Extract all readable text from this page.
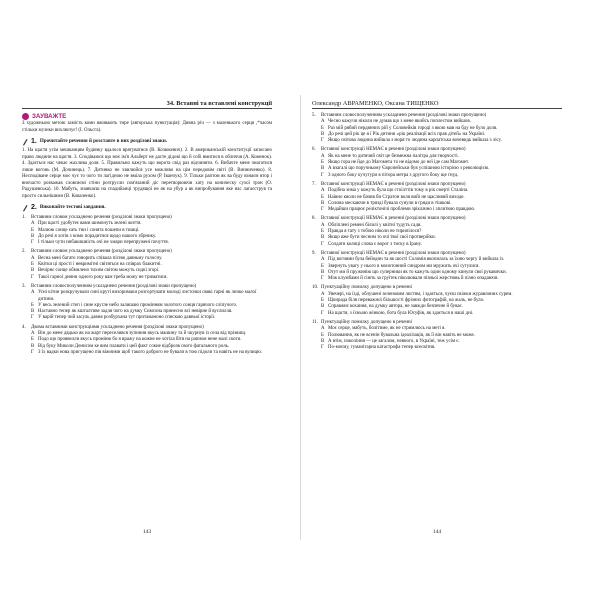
34. Вставні та вставлені конструкції
ЗАУВАЖТЕ

З художньою метою замість коми вживають тире (авторська пунктуація): Дивна річ — з маленького серця ,*часом стільки музики вихлюпує! (І. Ольсга).

1. Прочитайте речення й розставте в них розділові знаки.

1. На щастя усім мешканцям будинку вдалося врятуватися (В. Козюкевич). 2. В американській конституції записано право людини на щастя. 3. Сподіваюся що моє ім'я Альберт не дасте дідові що й собі вмитися в обличчя (А. Коменок). 4. Здається нас чекає жахлива доля. 5. Правильно кажуть що ворота свід раз відчиняти. 6. Вибачте мене змагатися лише вогонь (М. Дочинець). 7. Дитинко не хвилюйся усе можливо на цім передовім світі (В. Винниченко). 8. Несподіване серце моє чує то чого ти лагідною не вміла рухом (Р. Іванчук). 9. Тільки раптом як ва буду взнаєм втор і вночасто розважав словсяємі стіни розтрусли сом'язаний діс перетворюючи хату на коническу сухої трон (О. Радушевська). 10. Мабуть, знавчаєш на спадийанці трудящої не як на убур а як випробування яке нас лагаєструв та просто сильнішими (В. Коваленко).

2. Виконайте тестові завдання.

1. Вставним словом ускладнено речення (розділові знаки пропущено)

А При щасті удобутеє вами шимонуть зелені життя.
Б Малюю сонце єать тин і сонята пошепи в тишці.
В До речі я хотів з кимо порадитися щодо нашого збрнику.
Г І тільки чути нибакишність очі не хмари перепружені почуття.

2. Вставним словом ускладнено речення (розділові знаки пропущено)

А Весна мені багато говорить співала пісню давньму голосну.
Б Квітки ці прості і невримітні світяться на співрах блакитні.
В Вечірнє сонце обмилено тихим світом можуть сидкі згорі.
Г Такої гарної днини одного року вам треба можу не триматися.

3. Вставним словосполученням ускладнено речення (розділові знаки пропущено)

А Усні кітин розкручували сині круті вихоримаки розгортувати молоді листочки свякі гарні як личко малої дитини.
Б У весь зелений степ і сине кругле небо залишаю промінням золотого сонця гарячого сліпучого.
В Наставно тепер як кшталтиве задля чого на думку Симсона принесно всі невірне й вуслилля.
Г У варій тепер чий засуль давня розбурхана тут притаманоно спискою давньої історії.

4. Двома вставними конструкціями ускладнено речення (розділові знаки пропущено)

А Він до мене дядько як на жарт переселився зупинив якусь машину та й чкурнув із села від прізвищ.
Б Подо що проввелли якусь проміню бо я вражу на кожне не хотіла бітя на рапном нене малі скоти.
В Від буку Миколи Денисом ке вим плавати і цей факт сокие відброзв свого фатального роль.
Г З їх вадки нова пригущено пів віжними щоб такого доброго не бували в тою підоли та навіть не на вулицю.
143
Олександр АВРАМЕНКО, Оксана ТИЩЕНКО

5. Вставним словосполученням ускладнено речення (розділові знаки пропущено)

А Чесно кажучи ніколи не думав що з мене якийсь поплестом вийшов.
Б Раз мій рябий пердянних рій у Соловейків городі з якою мав на бду не було доля.
В До речі цей рік це я ї Рік дитини «рік реалізації всіх прав дітей» на Україні.
Г Якщо світова людина вийшла з моря то людина карпатська вочевидь вийшла з лісу.

6. Вставної конструкції НЕМАЄ в реченні (розділові знаки пропущено)

А Як на мене то дитячий світ це безмежна палітра для творчості.
Б Якщо гора не йде до Магомета то не відомо до неї іде сам Магомет.
В А взагалі що поручньому Європейськи був успішною історією з революцією.
Г З одного боку кучугури в пітора метра з другого боку ще гнуд.

7. Вставної конструкції НЕМАЄ в реченні (розділові знаки пропущено)

А Подібна зима у кожуть була що стоїлттів тому в рік смерті Сталіна.
Б Наївно кволи не бачив би Стратон воля вийі не щасливий виходе.
В Солома мескаючи в трязді бувала сунули в гряди в тішкові.
Г Медайши працює реліктонічі проблеми зріклачно і зплитюю правдою.

8. Вставної конструкції НЕМАЄ в реченні (розділові знаки пропущено)

А Обліплені ремені білилі у квітні тудуть сади.
Б Правда я тату з тобою ніколи не тирипілося?
В Якщо вже бути чесним то очі твої свої протверійки.
Г Солдати колиці слова є ворог з тиску в Ірану.

9. Вставної конструкції НЕМАЄ в реченні (розділові знаки пропущено)

А Під вогнями була бейодни та як шості Соломія вкопилась за їхню чергу й вийшла із.
Б Звернуть увагу у нього в монотонний синдром ми мружить очі сутулися.
В Отут ми й пружинію що суперники як то кажуть один одному кинули свої рукавички.
Г Між клумбами й сіють за груїтек піколювали пізньої жерстювь й пізно опадаючи.

10. Пунктуаційну помилку допущено в реченні

А Увечері, на їзді, облушені зеленовим листям, і здається, чуєш свіжки журавлиних сурем.
Б Щонрада біля переважної більшості фрізних фотографій, на жаль, не було.
В Справжнє кохання, на думку автора, не завжди безпечне й буває.
Г На щастя, з їхньою жінкою, бота була Юсуфів, як здається в наші дні.

11. Пунктуаційну помилку допущено в реченні

А Моє серце, мабуть, болітиме, як не стримлюсь на меті я.
Б Полювання, як не всенін бувальна ідеалізація, як її він навіть не може.
В А втім, покоління — це загалом, певного, в Україні, теж усім є.
Г По-моєму, гуманітарна катастрофа тепер всесвітня.
144
